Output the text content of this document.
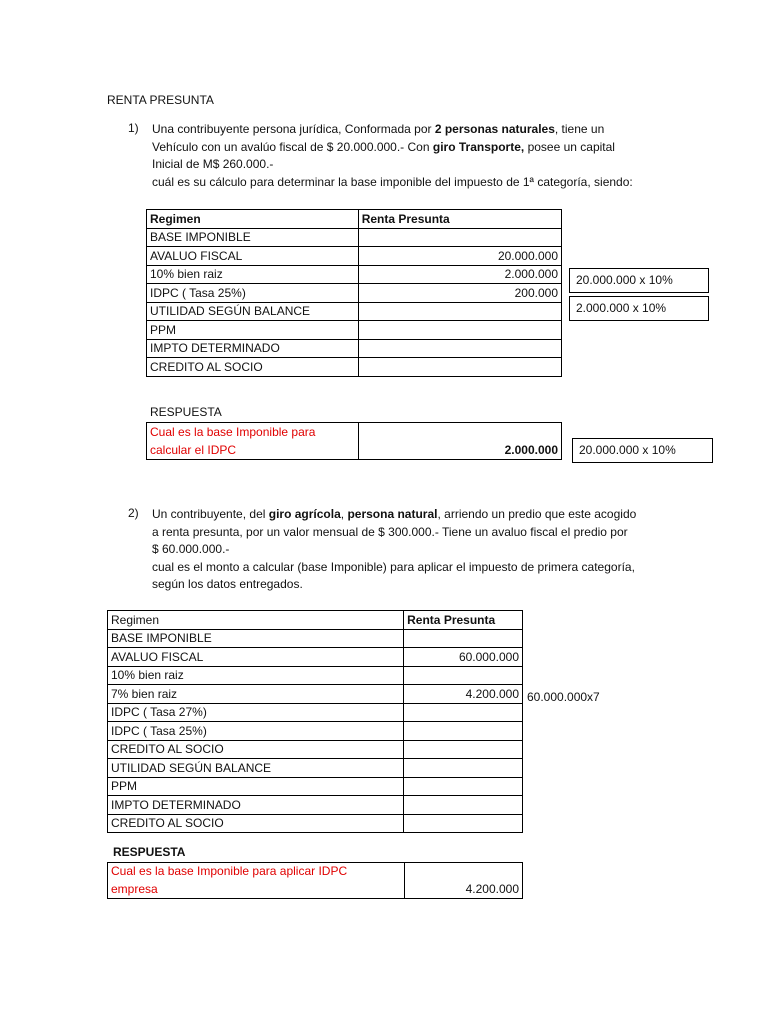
RENTA PRESUNTA
1) Una contribuyente persona jurídica, Conformada por 2 personas naturales, tiene un
Vehículo con un avalúo fiscal de $ 20.000.000.- Con giro Transporte, posee un capital
Inicial de M$ 260.000.-
cuál es su cálculo para determinar la base imponible del impuesto de 1ª categoría, siendo:
Regimen	Renta Presunta
BASE IMPONIBLE	
AVALUO FISCAL	20.000.000
10% bien raiz	2.000.000
IDPC ( Tasa 25%)	200.000
UTILIDAD SEGÚN BALANCE	
PPM	
IMPTO DETERMINADO	
CREDITO AL SOCIO	
20.000.000 x 10%
2.000.000 x 10%
RESPUESTA
Cual es la base Imponible para
calcular el IDPC	2.000.000	20.000.000 x 10%
2) Un contribuyente, del giro agrícola, persona natural, arriendo un predio que este acogido
a renta presunta, por un valor mensual de $ 300.000.- Tiene un avaluo fiscal el predio por
$ 60.000.000.-
cual es el monto a calcular (base Imponible) para aplicar el impuesto de primera categoría,
según los datos entregados.
Regimen	Renta Presunta
BASE IMPONIBLE	
AVALUO FISCAL	60.000.000
10% bien raiz	
7% bien raiz	4.200.000
IDPC ( Tasa 27%)	
IDPC ( Tasa 25%)	
CREDITO AL SOCIO	
UTILIDAD SEGÚN BALANCE	
PPM	
IMPTO DETERMINADO	
CREDITO AL SOCIO	
60.000.000x7
RESPUESTA
Cual es la base Imponible para aplicar IDPC
empresa	4.200.000
